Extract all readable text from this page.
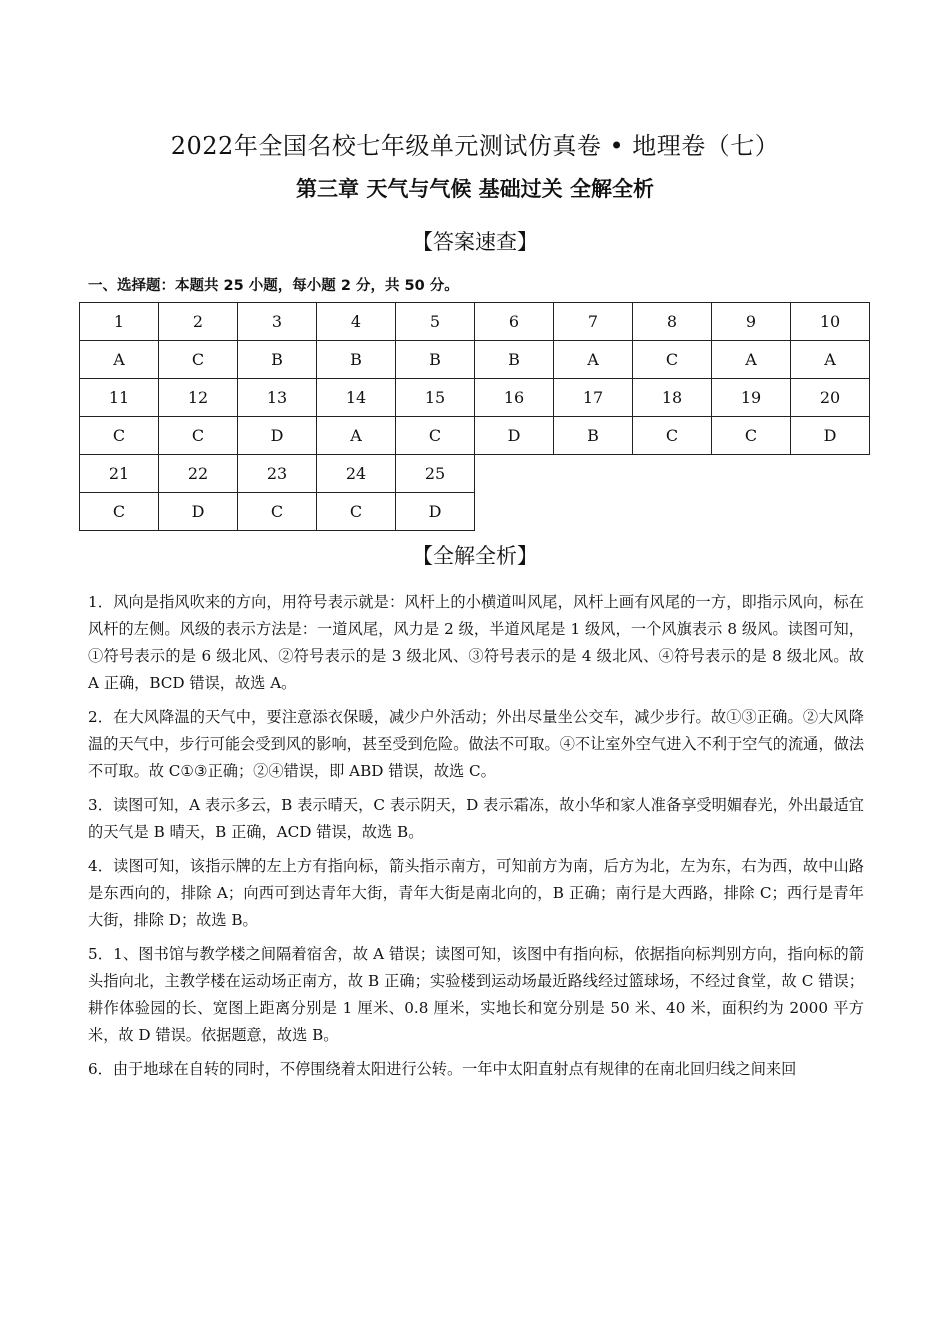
2022年全国名校七年级单元测试仿真卷 • 地理卷（七）
第三章 天气与气候 基础过关 全解全析
【答案速查】
一、选择题：本题共 25 小题，每小题 2 分，共 50 分。
1	2	3	4	5	6	7	8	9	10
A	C	B	B	B	B	A	C	A	A
11	12	13	14	15	16	17	18	19	20
C	C	D	A	C	D	B	C	C	D
21	22	23	24	25					
C	D	C	C	D					
【全解全析】

1．风向是指风吹来的方向，用符号表示就是：风杆上的小横道叫风尾，风杆上画有风尾的一方，即指示风向，标在风杆的左侧。风级的表示方法是：一道风尾，风力是 2 级，半道风尾是 1 级风，一个风旗表示 8 级风。读图可知，①符号表示的是 6 级北风、②符号表示的是 3 级北风、③符号表示的是 4 级北风、④符号表示的是 8 级北风。故 A 正确，BCD 错误，故选 A。

2．在大风降温的天气中，要注意添衣保暖，减少户外活动；外出尽量坐公交车，减少步行。故①③正确。②大风降温的天气中，步行可能会受到风的影响，甚至受到危险。做法不可取。④不让室外空气进入不利于空气的流通，做法不可取。故 C①③正确；②④错误，即 ABD 错误，故选 C。

3．读图可知，A 表示多云，B 表示晴天，C 表示阴天，D 表示霜冻，故小华和家人准备享受明媚春光，外出最适宜的天气是 B 晴天，B 正确，ACD 错误，故选 B。

4．读图可知，该指示牌的左上方有指向标，箭头指示南方，可知前方为南，后方为北，左为东，右为西，故中山路是东西向的，排除 A；向西可到达青年大街，青年大街是南北向的，B 正确；南行是大西路，排除 C；西行是青年大街，排除 D；故选 B。

5．1、图书馆与教学楼之间隔着宿舍，故 A 错误；读图可知，该图中有指向标，依据指向标判别方向，指向标的箭头指向北，主教学楼在运动场正南方，故 B 正确；实验楼到运动场最近路线经过篮球场，不经过食堂，故 C 错误；耕作体验园的长、宽图上距离分别是 1 厘米、0.8 厘米，实地长和宽分别是 50 米、40 米，面积约为 2000 平方米，故 D 错误。依据题意，故选 B。

6．由于地球在自转的同时，不停围绕着太阳进行公转。一年中太阳直射点有规律的在南北回归线之间来回
